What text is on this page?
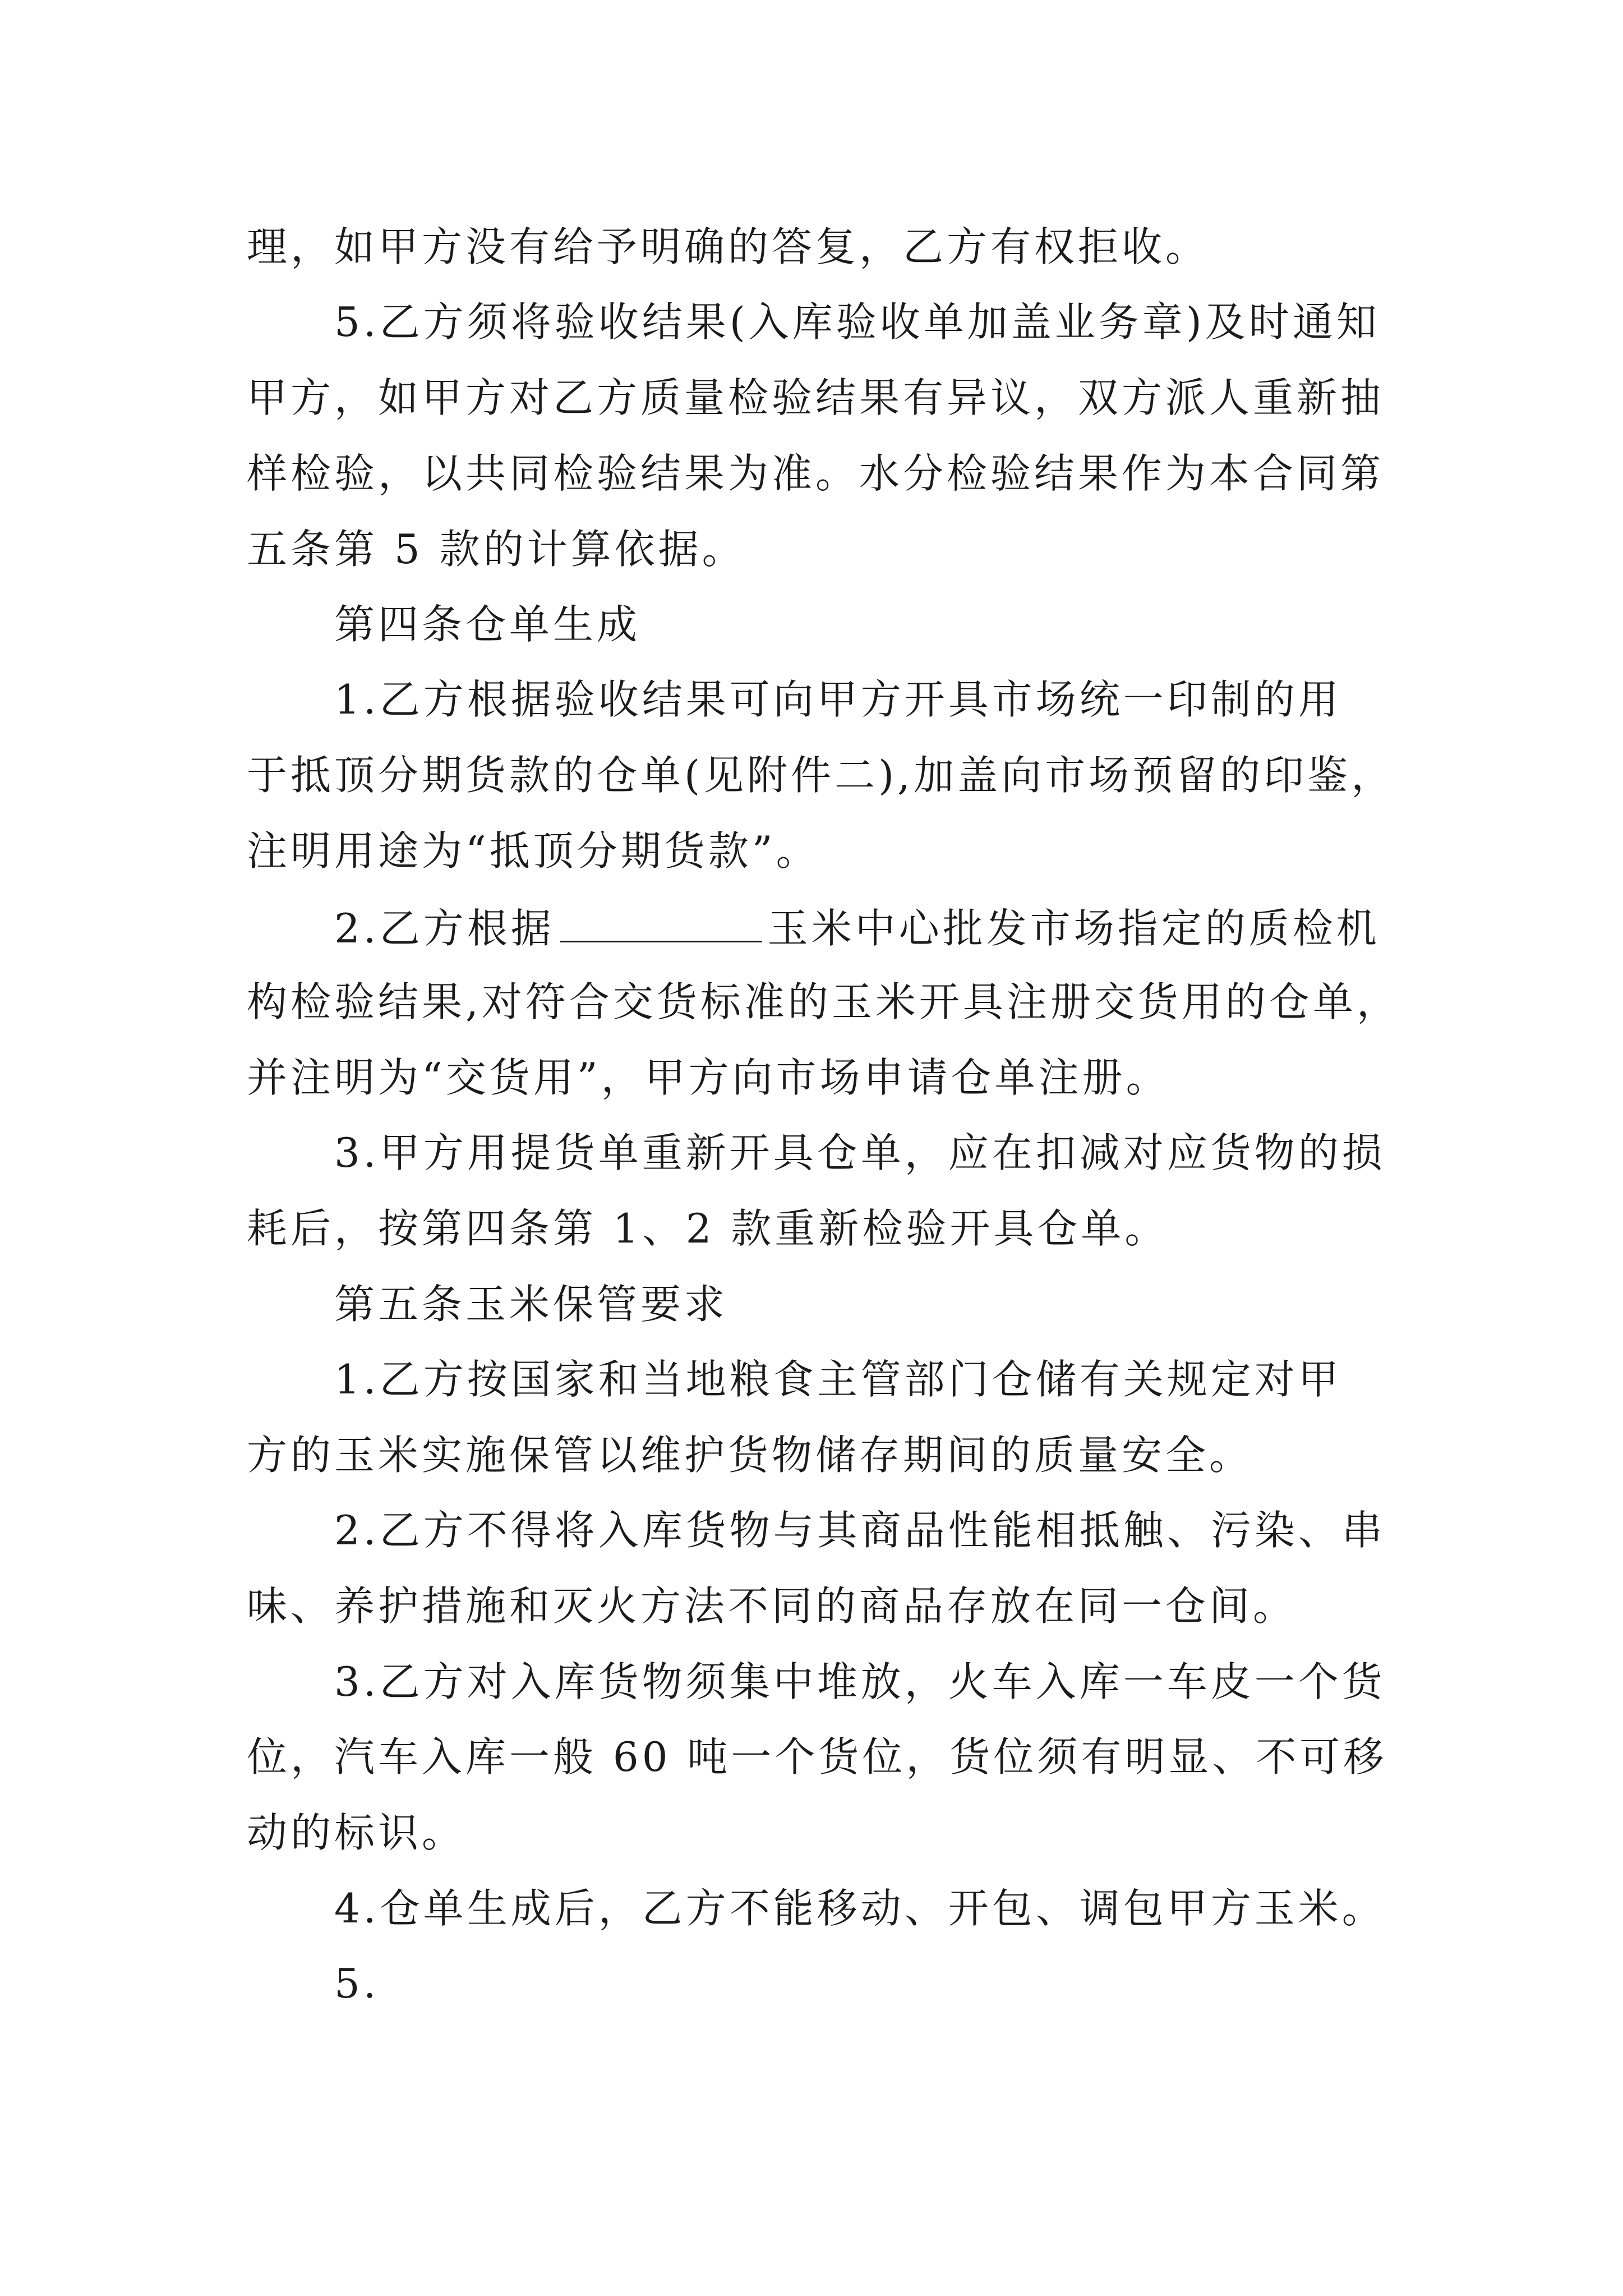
理，如甲方没有给予明确的答复，乙方有权拒收。
5.乙方须将验收结果(入库验收单加盖业务章)及时通知
甲方，如甲方对乙方质量检验结果有异议，双方派人重新抽
样检验，以共同检验结果为准。水分检验结果作为本合同第
五条第 5 款的计算依据。
第四条仓单生成
1.乙方根据验收结果可向甲方开具市场统一印制的用
于抵顶分期货款的仓单(见附件二),加盖向市场预留的印鉴，
注明用途为“抵顶分期货款”。
2.乙方根据	玉米中心批发市场指定的质检机
构检验结果,对符合交货标准的玉米开具注册交货用的仓单，
并注明为“交货用”，甲方向市场申请仓单注册。
3.甲方用提货单重新开具仓单，应在扣减对应货物的损
耗后，按第四条第 1、2 款重新检验开具仓单。
第五条玉米保管要求
1.乙方按国家和当地粮食主管部门仓储有关规定对甲
方的玉米实施保管以维护货物储存期间的质量安全。
2.乙方不得将入库货物与其商品性能相抵触、污染、串
味、养护措施和灭火方法不同的商品存放在同一仓间。
3.乙方对入库货物须集中堆放，火车入库一车皮一个货
位，汽车入库一般 60 吨一个货位，货位须有明显、不可移
动的标识。
4.仓单生成后，乙方不能移动、开包、调包甲方玉米。
5.
